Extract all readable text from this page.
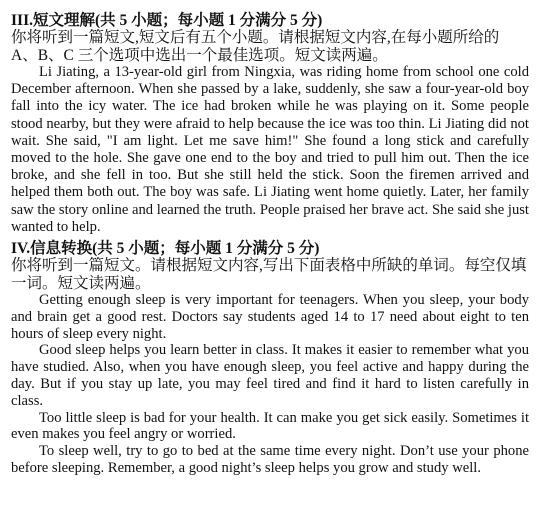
III.短文理解(共 5 小题；每小题 1 分满分 5 分)

你将听到一篇短文,短文后有五个小题。请根据短文内容,在每小题所给的 A、B、C 三个选项中选出一个最佳选项。短文读两遍。

Li Jiating, a 13-year-old girl from Ningxia, was riding home from school one cold December afternoon. When she passed by a lake, suddenly, she saw a four-year-old boy fall into the icy water. The ice had broken while he was playing on it. Some people stood nearby, but they were afraid to help because the ice was too thin. Li Jiating did not wait. She said, "I am light. Let me save him!" She found a long stick and carefully moved to the hole. She gave one end to the boy and tried to pull him out. Then the ice broke, and she fell in too. But she still held the stick. Soon the firemen arrived and helped them both out. The boy was safe. Li Jiating went home quietly. Later, her family saw the story online and learned the truth. People praised her brave act. She said she just wanted to help.

IV.信息转换(共 5 小题；每小题 1 分满分 5 分)

你将听到一篇短文。请根据短文内容,写出下面表格中所缺的单词。每空仅填一词。短文读两遍。

Getting enough sleep is very important for teenagers. When you sleep, your body and brain get a good rest. Doctors say students aged 14 to 17 need about eight to ten hours of sleep every night.

Good sleep helps you learn better in class. It makes it easier to remember what you have studied. Also, when you have enough sleep, you feel active and happy during the day. But if you stay up late, you may feel tired and find it hard to listen carefully in class.

Too little sleep is bad for your health. It can make you get sick easily. Sometimes it even makes you feel angry or worried.

To sleep well, try to go to bed at the same time every night. Don’t use your phone before sleeping. Remember, a good night’s sleep helps you grow and study well.
